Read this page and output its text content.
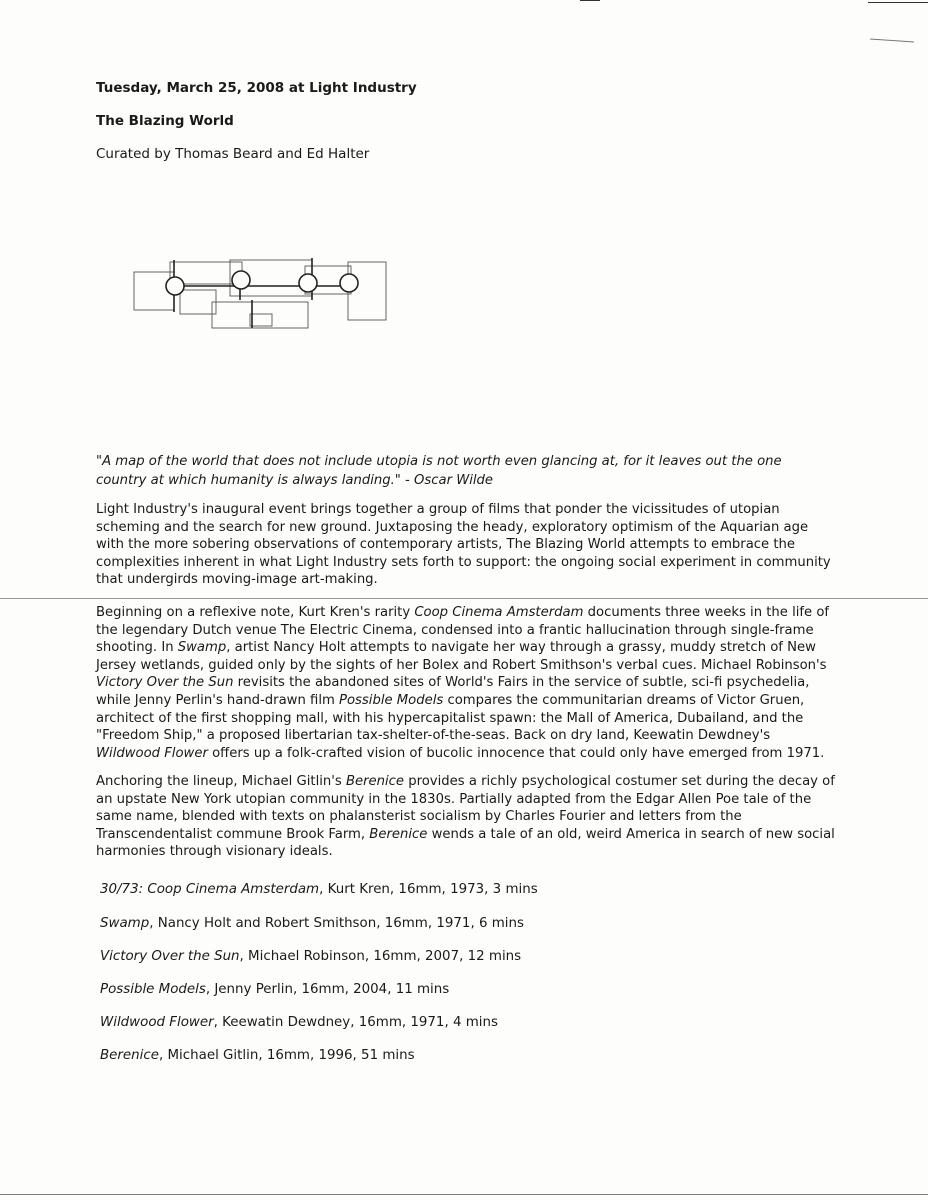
Tuesday, March 25, 2008 at Light Industry
The Blazing World
Curated by Thomas Beard and Ed Halter
"A map of the world that does not include utopia is not worth even glancing at, for it leaves out the one country at which humanity is always landing." - Oscar Wilde
Light Industry's inaugural event brings together a group of films that ponder the vicissitudes of utopian scheming and the search for new ground. Juxtaposing the heady, exploratory optimism of the Aquarian age with the more sobering observations of contemporary artists, The Blazing World attempts to embrace the complexities inherent in what Light Industry sets forth to support: the ongoing social experiment in community that undergirds moving-image art-making.
Beginning on a reflexive note, Kurt Kren's rarity Coop Cinema Amsterdam documents three weeks in the life of the legendary Dutch venue The Electric Cinema, condensed into a frantic hallucination through single-frame shooting. In Swamp, artist Nancy Holt attempts to navigate her way through a grassy, muddy stretch of New Jersey wetlands, guided only by the sights of her Bolex and Robert Smithson's verbal cues. Michael Robinson's Victory Over the Sun revisits the abandoned sites of World's Fairs in the service of subtle, sci-fi psychedelia, while Jenny Perlin's hand-drawn film Possible Models compares the communitarian dreams of Victor Gruen, architect of the first shopping mall, with his hypercapitalist spawn: the Mall of America, Dubailand, and the "Freedom Ship," a proposed libertarian tax-shelter-of-the-seas. Back on dry land, Keewatin Dewdney's Wildwood Flower offers up a folk-crafted vision of bucolic innocence that could only have emerged from 1971.
Anchoring the lineup, Michael Gitlin's Berenice provides a richly psychological costumer set during the decay of an upstate New York utopian community in the 1830s. Partially adapted from the Edgar Allen Poe tale of the same name, blended with texts on phalansterist socialism by Charles Fourier and letters from the Transcendentalist commune Brook Farm, Berenice wends a tale of an old, weird America in search of new social harmonies through visionary ideals.
30/73: Coop Cinema Amsterdam, Kurt Kren, 16mm, 1973, 3 mins
Swamp, Nancy Holt and Robert Smithson, 16mm, 1971, 6 mins
Victory Over the Sun, Michael Robinson, 16mm, 2007, 12 mins
Possible Models, Jenny Perlin, 16mm, 2004, 11 mins
Wildwood Flower, Keewatin Dewdney, 16mm, 1971, 4 mins
Berenice, Michael Gitlin, 16mm, 1996, 51 mins
